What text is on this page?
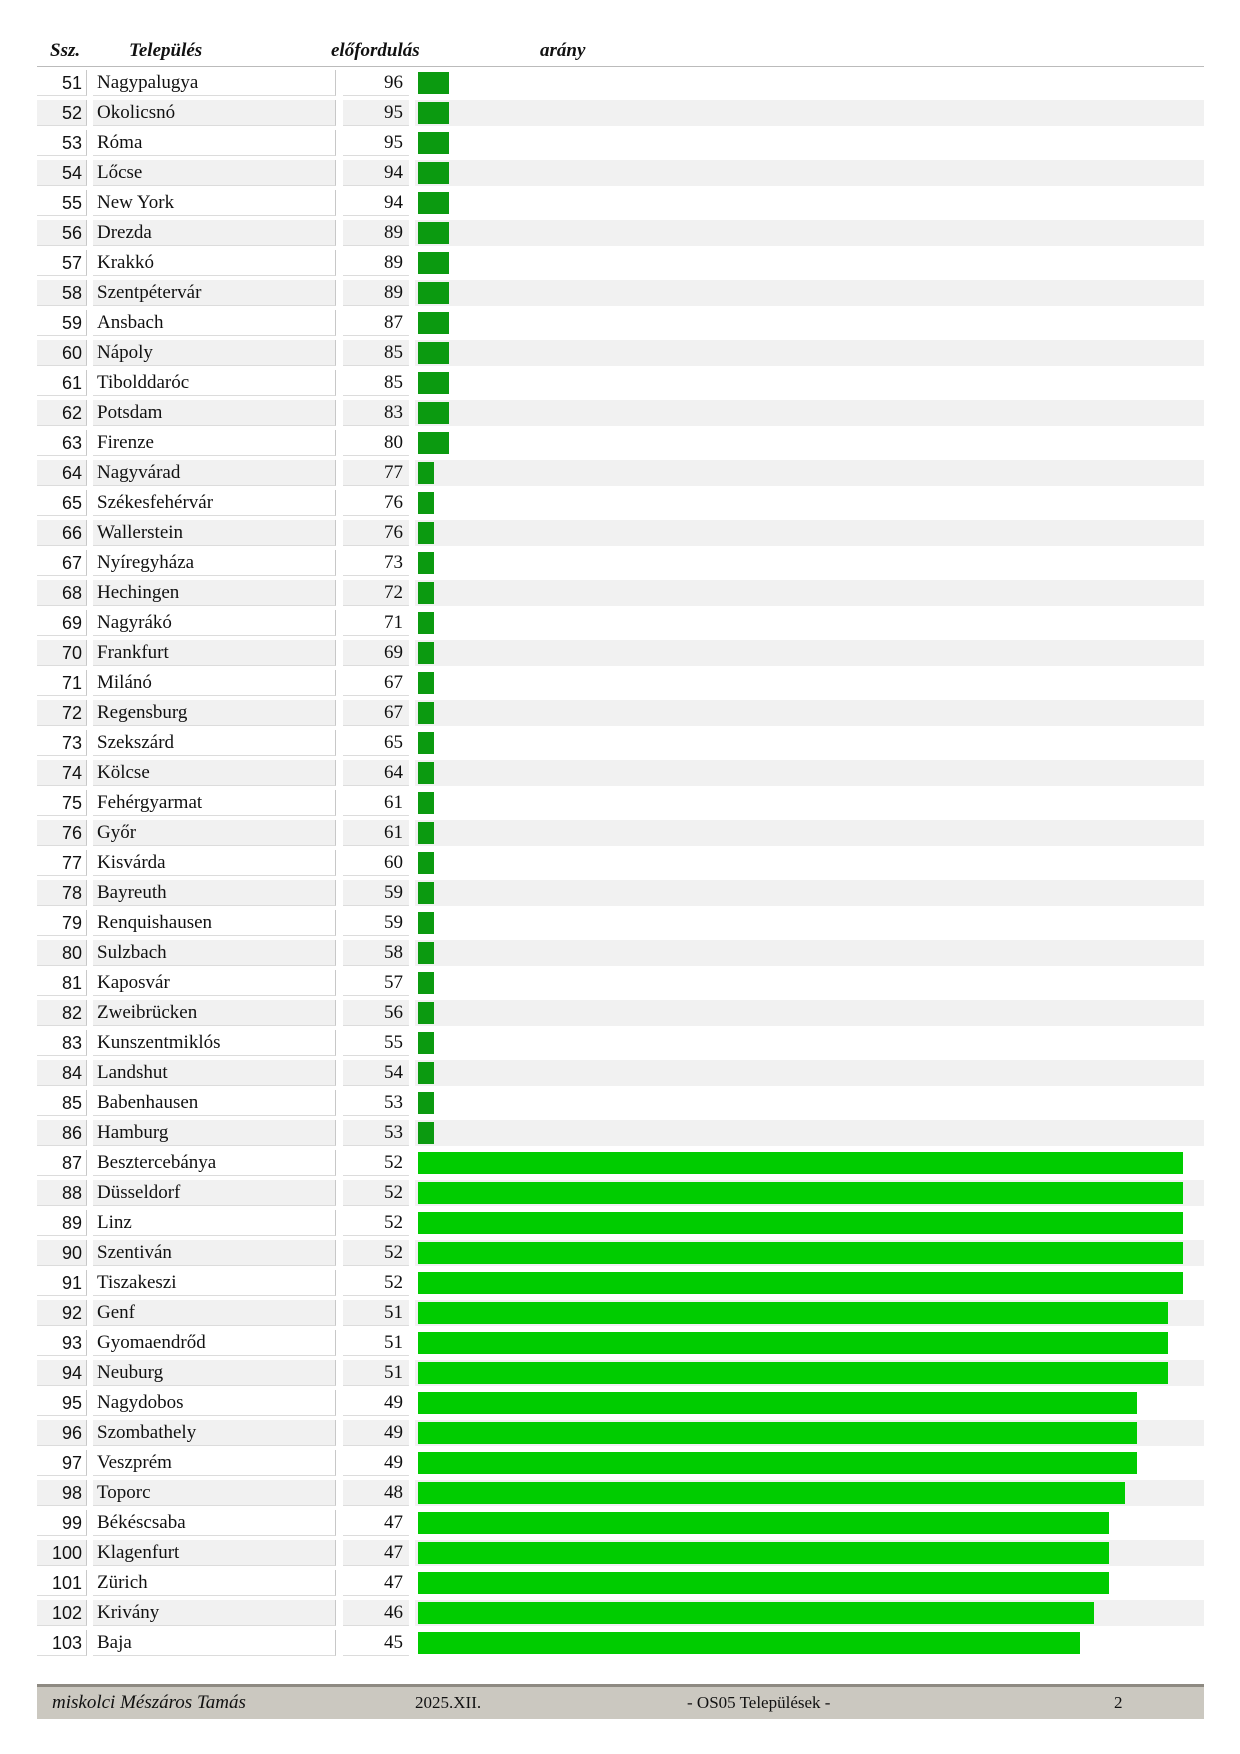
Ssz.	Település	előfordulás	arány
51 Nagypalugya	96
52 Okolicsnó	95
53 Róma	95
54 Lőcse	94
55 New York	94
56 Drezda	89
57 Krakkó	89
58 Szentpétervár	89
59 Ansbach	87
60 Nápoly	85
61 Tibolddaróc	85
62 Potsdam	83
63 Firenze	80
64 Nagyvárad	77
65 Székesfehérvár	76
66 Wallerstein	76
67 Nyíregyháza	73
68 Hechingen	72
69 Nagyrákó	71
70 Frankfurt	69
71 Milánó	67
72 Regensburg	67
73 Szekszárd	65
74 Kölcse	64
75 Fehérgyarmat	61
76 Győr	61
77 Kisvárda	60
78 Bayreuth	59
79 Renquishausen	59
80 Sulzbach	58
81 Kaposvár	57
82 Zweibrücken	56
83 Kunszentmiklós	55
84 Landshut	54
85 Babenhausen	53
86 Hamburg	53
87 Besztercebánya	52
88 Düsseldorf	52
89 Linz	52
90 Szentiván	52
91 Tiszakeszi	52
92 Genf	51
93 Gyomaendrőd	51
94 Neuburg	51
95 Nagydobos	49
96 Szombathely	49
97 Veszprém	49
98 Toporc	48
99 Békéscsaba	47
100 Klagenfurt	47
101 Zürich	47
102 Krivány	46
103 Baja	45
miskolci Mészáros Tamás	2025.XII.	- OS05 Települések -	2
